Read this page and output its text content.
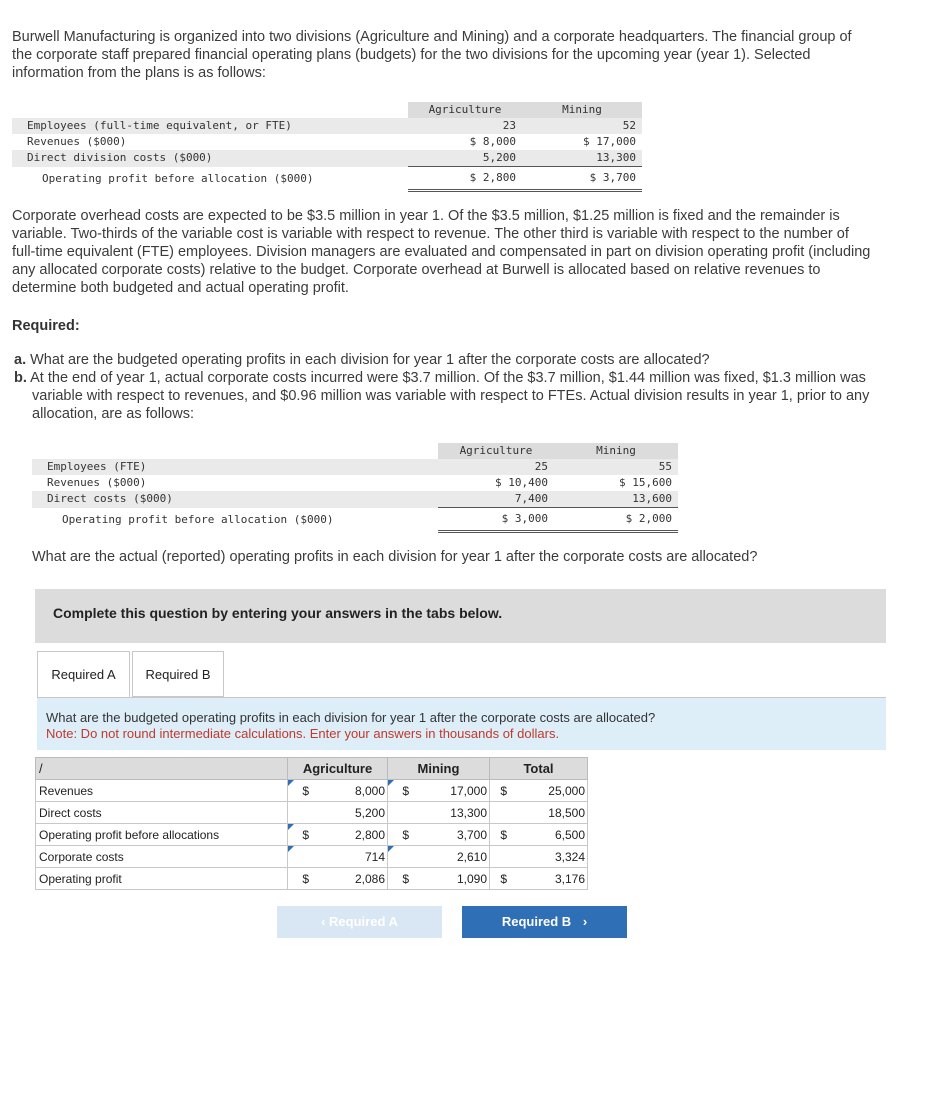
Burwell Manufacturing is organized into two divisions (Agriculture and Mining) and a corporate headquarters. The financial group of
the corporate staff prepared financial operating plans (budgets) for the two divisions for the upcoming year (year 1). Selected
information from the plans is as follows:
	Agriculture	Mining
Employees (full-time equivalent, or FTE)	23	52
Revenues ($000)	$ 8,000	$ 17,000
Direct division costs ($000)	5,200	13,300
Operating profit before allocation ($000)	$ 2,800	$ 3,700
Corporate overhead costs are expected to be $3.5 million in year 1. Of the $3.5 million, $1.25 million is fixed and the remainder is
variable. Two-thirds of the variable cost is variable with respect to revenue. The other third is variable with respect to the number of
full-time equivalent (FTE) employees. Division managers are evaluated and compensated in part on division operating profit (including
any allocated corporate costs) relative to the budget. Corporate overhead at Burwell is allocated based on relative revenues to
determine both budgeted and actual operating profit.
Required:
a. What are the budgeted operating profits in each division for year 1 after the corporate costs are allocated?
b. At the end of year 1, actual corporate costs incurred were $3.7 million. Of the $3.7 million, $1.44 million was fixed, $1.3 million was
variable with respect to revenues, and $0.96 million was variable with respect to FTEs. Actual division results in year 1, prior to any
allocation, are as follows:
	Agriculture	Mining
Employees (FTE)	25	55
Revenues ($000)	$ 10,400	$ 15,600
Direct costs ($000)	7,400	13,600
Operating profit before allocation ($000)	$ 3,000	$ 2,000
What are the actual (reported) operating profits in each division for year 1 after the corporate costs are allocated?
Complete this question by entering your answers in the tabs below.
Required A	Required B
What are the budgeted operating profits in each division for year 1 after the corporate costs are allocated?
Note: Do not round intermediate calculations. Enter your answers in thousands of dollars.
/	Agriculture		Mining		Total	
Revenues	$	8,000	$	17,000	$	25,000
Direct costs		5,200		13,300		18,500
Operating profit before allocations	$	2,800	$	3,700	$	6,500
Corporate costs		714		2,610		3,324
Operating profit	$	2,086	$	1,090	$	3,176
‹ Required A	Required B ›
